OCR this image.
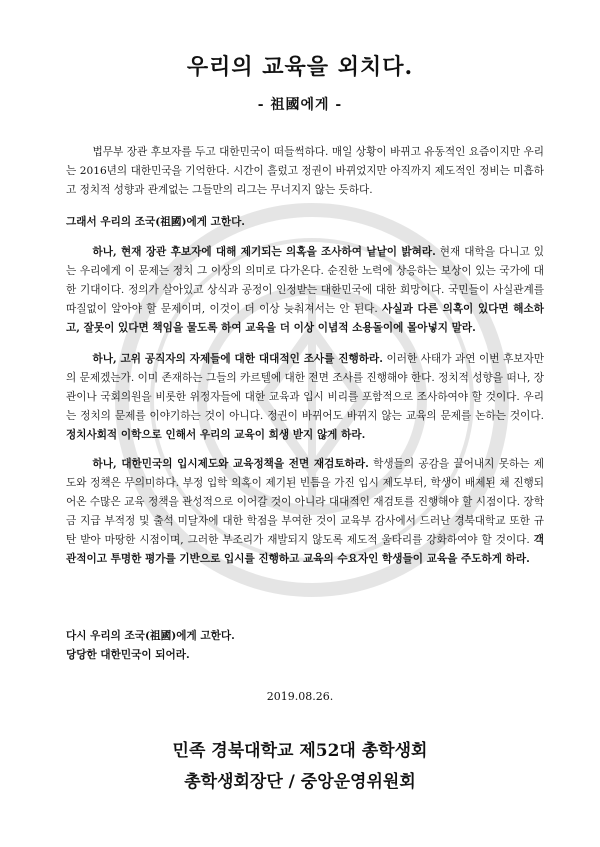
우리의 교육을 외치다.
- 祖國에게 -
법무부 장관 후보자를 두고 대한민국이 떠들썩하다. 매일 상황이 바뀌고 유동적인 요즘이지만 우리는 2016년의 대한민국을 기억한다. 시간이 흘렀고 정권이 바뀌었지만 아직까지 제도적인 정비는 미흡하고 정치적 성향과 관계없는 그들만의 리그는 무너지지 않는 듯하다.
그래서 우리의 조국(祖國)에게 고한다.
하나, 현재 장관 후보자에 대해 제기되는 의혹을 조사하여 낱낱이 밝혀라. 현재 대학을 다니고 있는 우리에게 이 문제는 정치 그 이상의 의미로 다가온다. 순진한 노력에 상응하는 보상이 있는 국가에 대한 기대이다. 정의가 살아있고 상식과 공정이 인정받는 대한민국에 대한 희망이다. 국민들이 사실관계를 따질없이 알아야 할 문제이며, 이것이 더 이상 늦춰져서는 안 된다. 사실과 다른 의혹이 있다면 해소하고, 잘못이 있다면 책임을 물도록 하여 교육을 더 이상 이념적 소용돌이에 몰아넣지 말라.
하나, 고위 공직자의 자제들에 대한 대대적인 조사를 진행하라. 이러한 사태가 과연 이번 후보자만의 문제겠는가. 이미 존재하는 그들의 카르텔에 대한 전면 조사를 진행해야 한다. 정치적 성향을 떠나, 장관이나 국회의원을 비롯한 위정자들에 대한 교육과 입시 비리를 포함적으로 조사하여야 할 것이다. 우리는 정치의 문제를 이야기하는 것이 아니다. 정권이 바뀌어도 바뀌지 않는 교육의 문제를 논하는 것이다. 정치사회적 이학으로 인해서 우리의 교육이 희생 받지 않게 하라.
하나, 대한민국의 입시제도와 교육정책을 전면 재검토하라. 학생들의 공감을 끌어내지 못하는 제도와 정책은 무의미하다. 부정 입학 의혹이 제기된 빈틈을 가진 입시 제도부터, 학생이 배제된 채 진행되어온 수많은 교육 정책을 관성적으로 이어갈 것이 아니라 대대적인 재검토를 진행해야 할 시점이다. 장학금 지급 부적정 및 출석 미달자에 대한 학점을 부여한 것이 교육부 감사에서 드러난 경북대학교 또한 규탄 받아 마땅한 시점이며, 그러한 부조리가 재발되지 않도록 제도적 울타리를 강화하여야 할 것이다. 객관적이고 투명한 평가를 기반으로 입시를 진행하고 교육의 수요자인 학생들이 교육을 주도하게 하라.
다시 우리의 조국(祖國)에게 고한다.
당당한 대한민국이 되어라.
2019.08.26.
민족 경북대학교 제52대 총학생회
총학생회장단 / 중앙운영위원회
